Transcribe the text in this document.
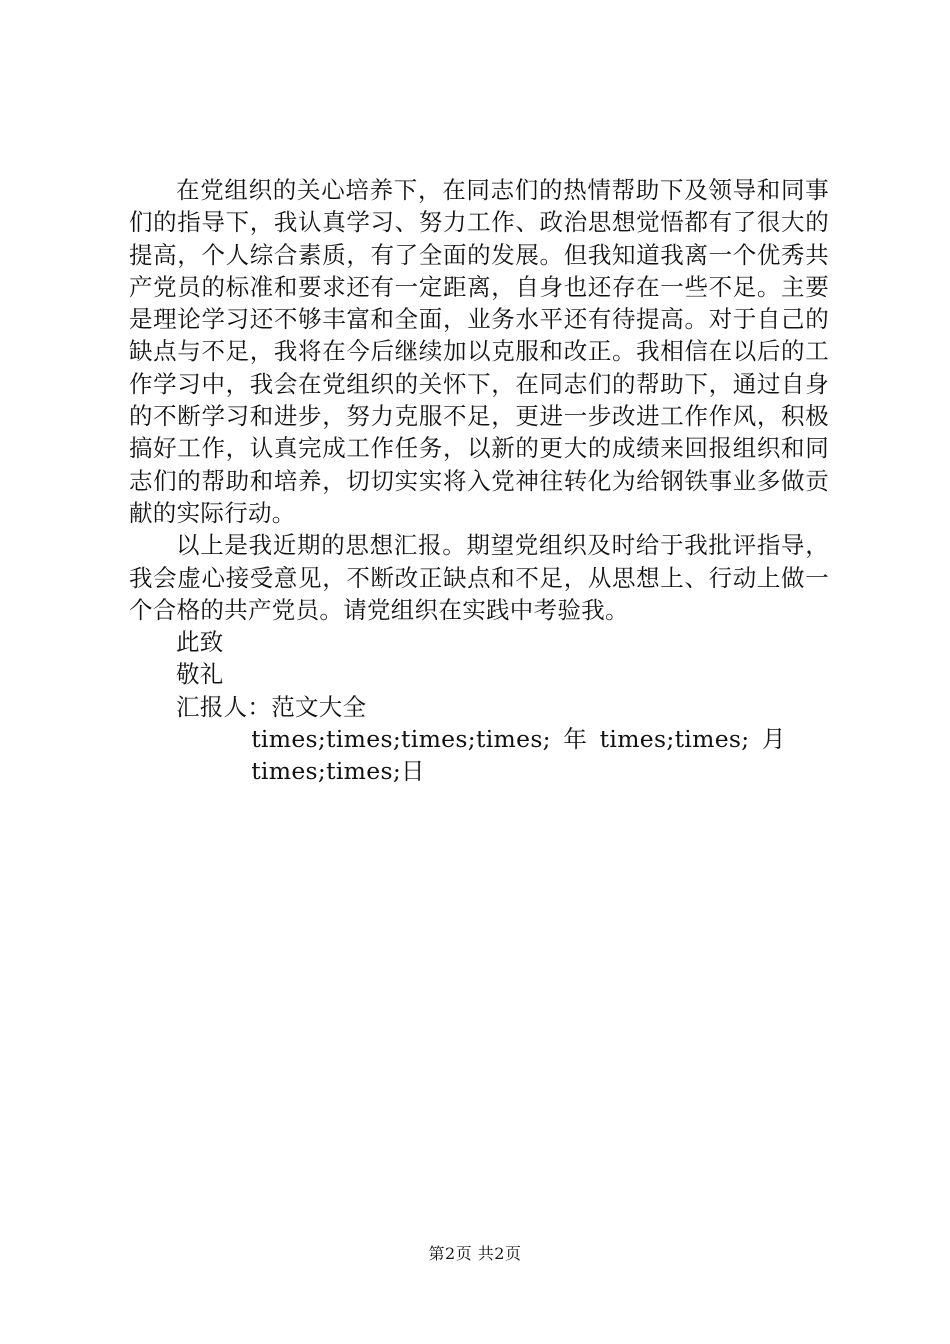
在党组织的关心培养下，在同志们的热情帮助下及领导和同事们的指导下，我认真学习、努力工作、政治思想觉悟都有了很大的提高，个人综合素质，有了全面的发展。但我知道我离一个优秀共产党员的标准和要求还有一定距离，自身也还存在一些不足。主要是理论学习还不够丰富和全面，业务水平还有待提高。对于自己的缺点与不足，我将在今后继续加以克服和改正。我相信在以后的工作学习中，我会在党组织的关怀下，在同志们的帮助下，通过自身的不断学习和进步，努力克服不足，更进一步改进工作作风，积极搞好工作，认真完成工作任务，以新的更大的成绩来回报组织和同志们的帮助和培养，切切实实将入党神往转化为给钢铁事业多做贡献的实际行动。

以上是我近期的思想汇报。期望党组织及时给于我批评指导，我会虚心接受意见，不断改正缺点和不足，从思想上、行动上做一个合格的共产党员。请党组织在实践中考验我。

此致

敬礼

汇报人：范文大全

times;times;times;times; 年 times;times; 月 times;times;日

第2页 共2页
